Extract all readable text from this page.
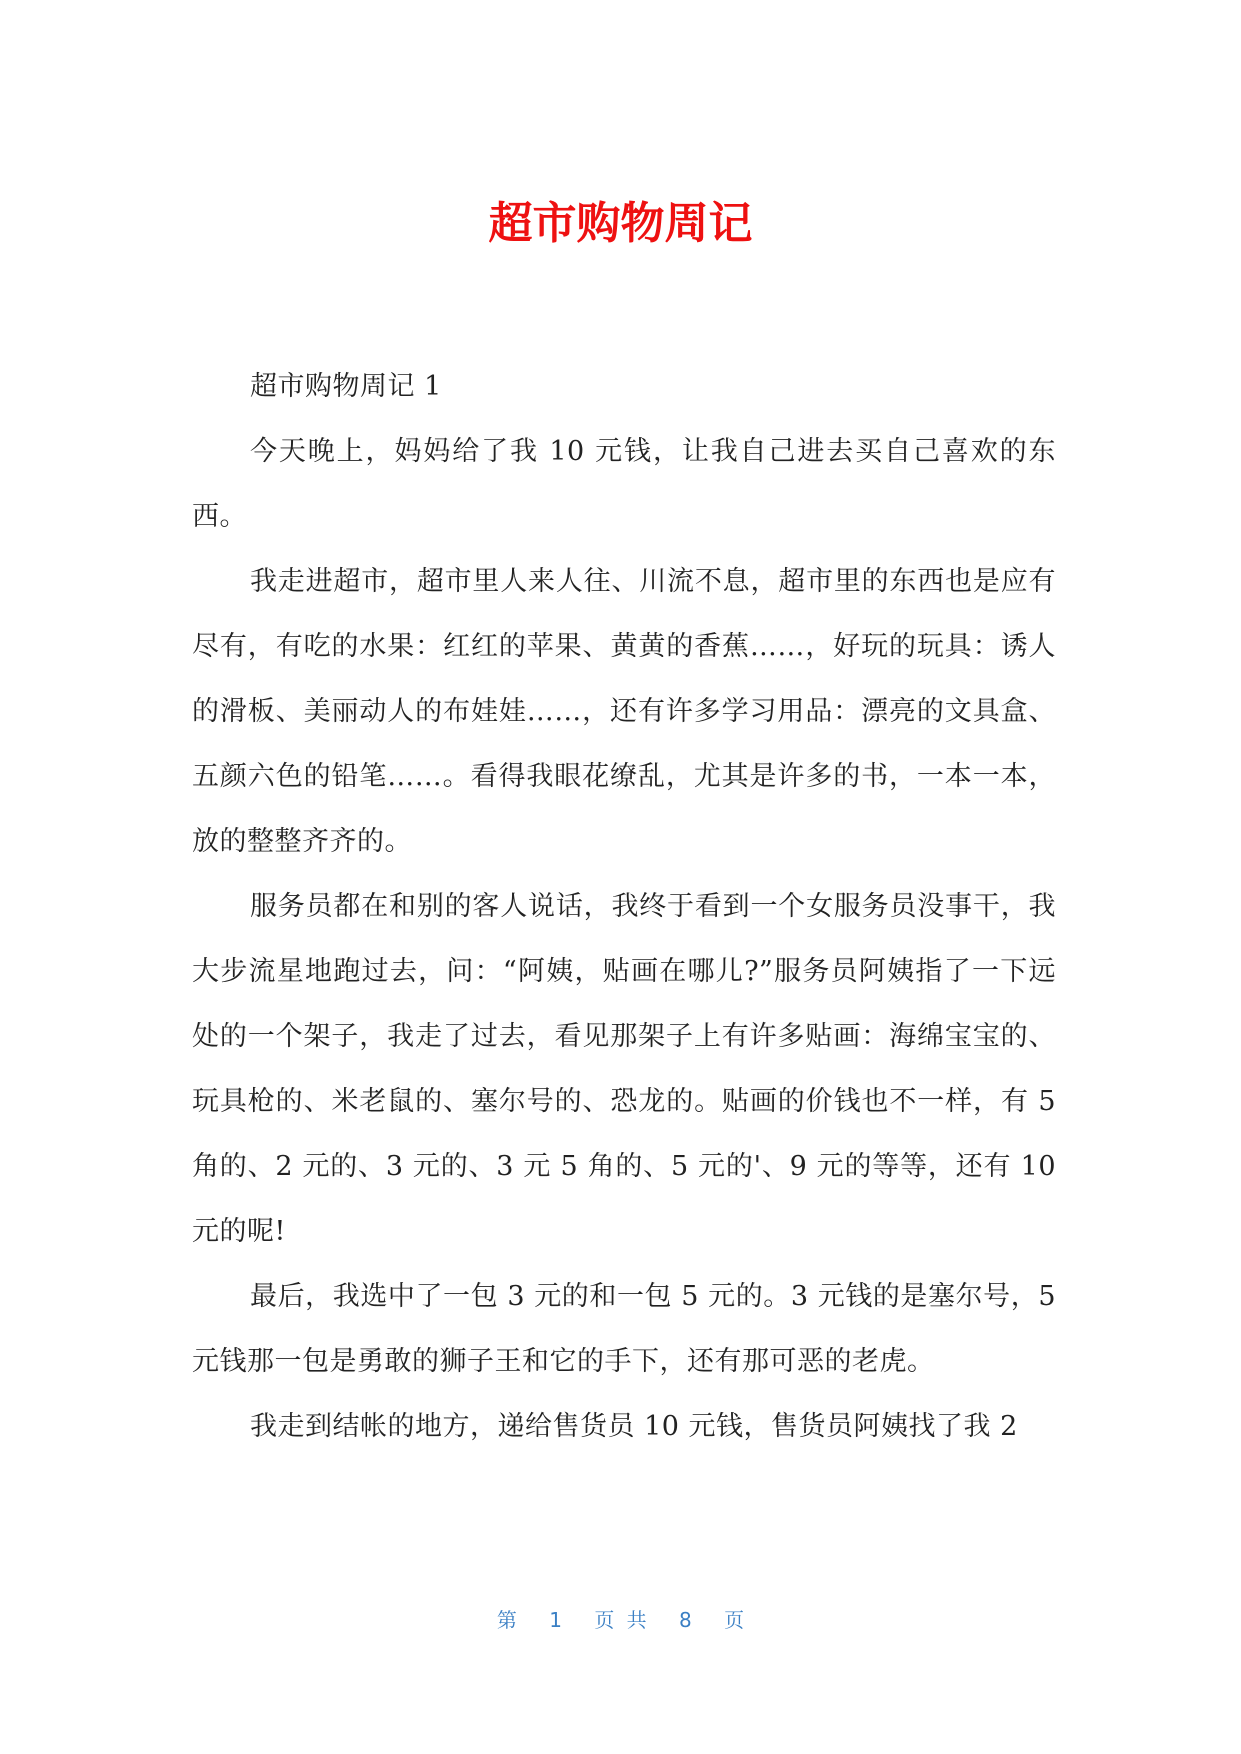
超市购物周记

超市购物周记 1

今天晚上，妈妈给了我 10 元钱，让我自己进去买自己喜欢的东西。

我走进超市，超市里人来人往、川流不息，超市里的东西也是应有尽有，有吃的水果：红红的苹果、黄黄的香蕉……，好玩的玩具：诱人的滑板、美丽动人的布娃娃……，还有许多学习用品：漂亮的文具盒、五颜六色的铅笔……。看得我眼花缭乱，尤其是许多的书，一本一本，放的整整齐齐的。

服务员都在和别的客人说话，我终于看到一个女服务员没事干，我大步流星地跑过去，问：“阿姨，贴画在哪儿?”服务员阿姨指了一下远处的一个架子，我走了过去，看见那架子上有许多贴画：海绵宝宝的、玩具枪的、米老鼠的、塞尔号的、恐龙的。贴画的价钱也不一样，有 5 角的、2 元的、3 元的、3 元 5 角的、5 元的'、9 元的等等，还有 10 元的呢!

最后，我选中了一包 3 元的和一包 5 元的。3 元钱的是塞尔号，5 元钱那一包是勇敢的狮子王和它的手下，还有那可恶的老虎。

我走到结帐的地方，递给售货员 10 元钱，售货员阿姨找了我 2

第 1 页 共 8 页
